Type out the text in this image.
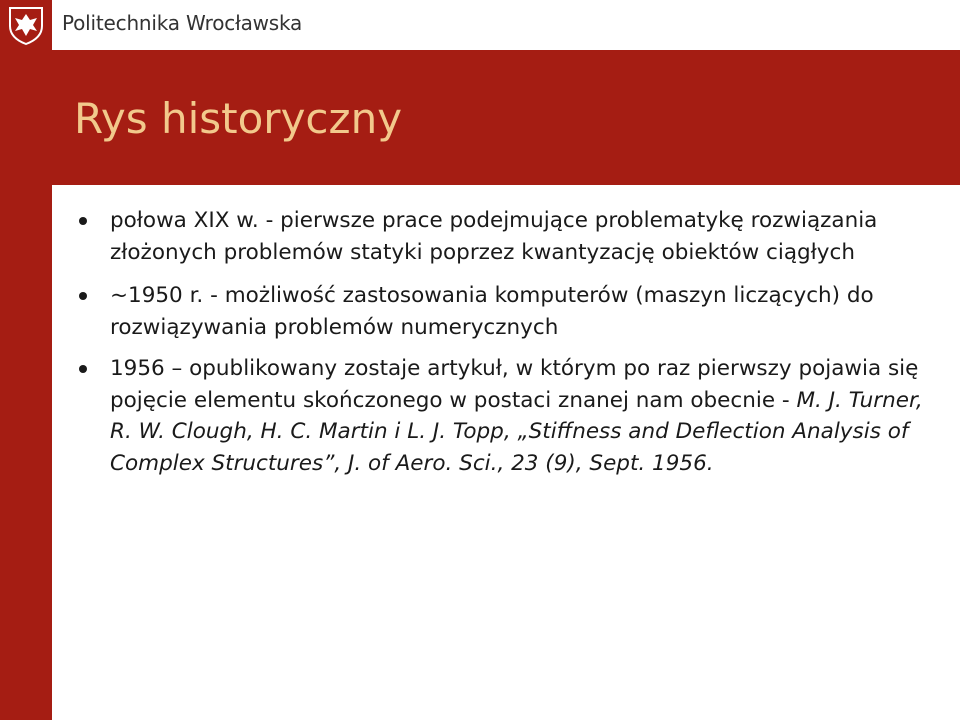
Politechnika Wrocławska
Rys historyczny
połowa XIX w. - pierwsze prace podejmujące problematykę rozwiązania złożonych problemów statyki poprzez kwantyzację obiektów ciągłych
~1950 r. - możliwość zastosowania komputerów (maszyn liczących) do rozwiązywania problemów numerycznych
1956 – opublikowany zostaje artykuł, w którym po raz pierwszy pojawia się pojęcie elementu skończonego w postaci znanej nam obecnie - M. J. Turner, R. W. Clough, H. C. Martin i L. J. Topp, „Stiffness and Deflection Analysis of Complex Structures”, J. of Aero. Sci., 23 (9), Sept. 1956.
